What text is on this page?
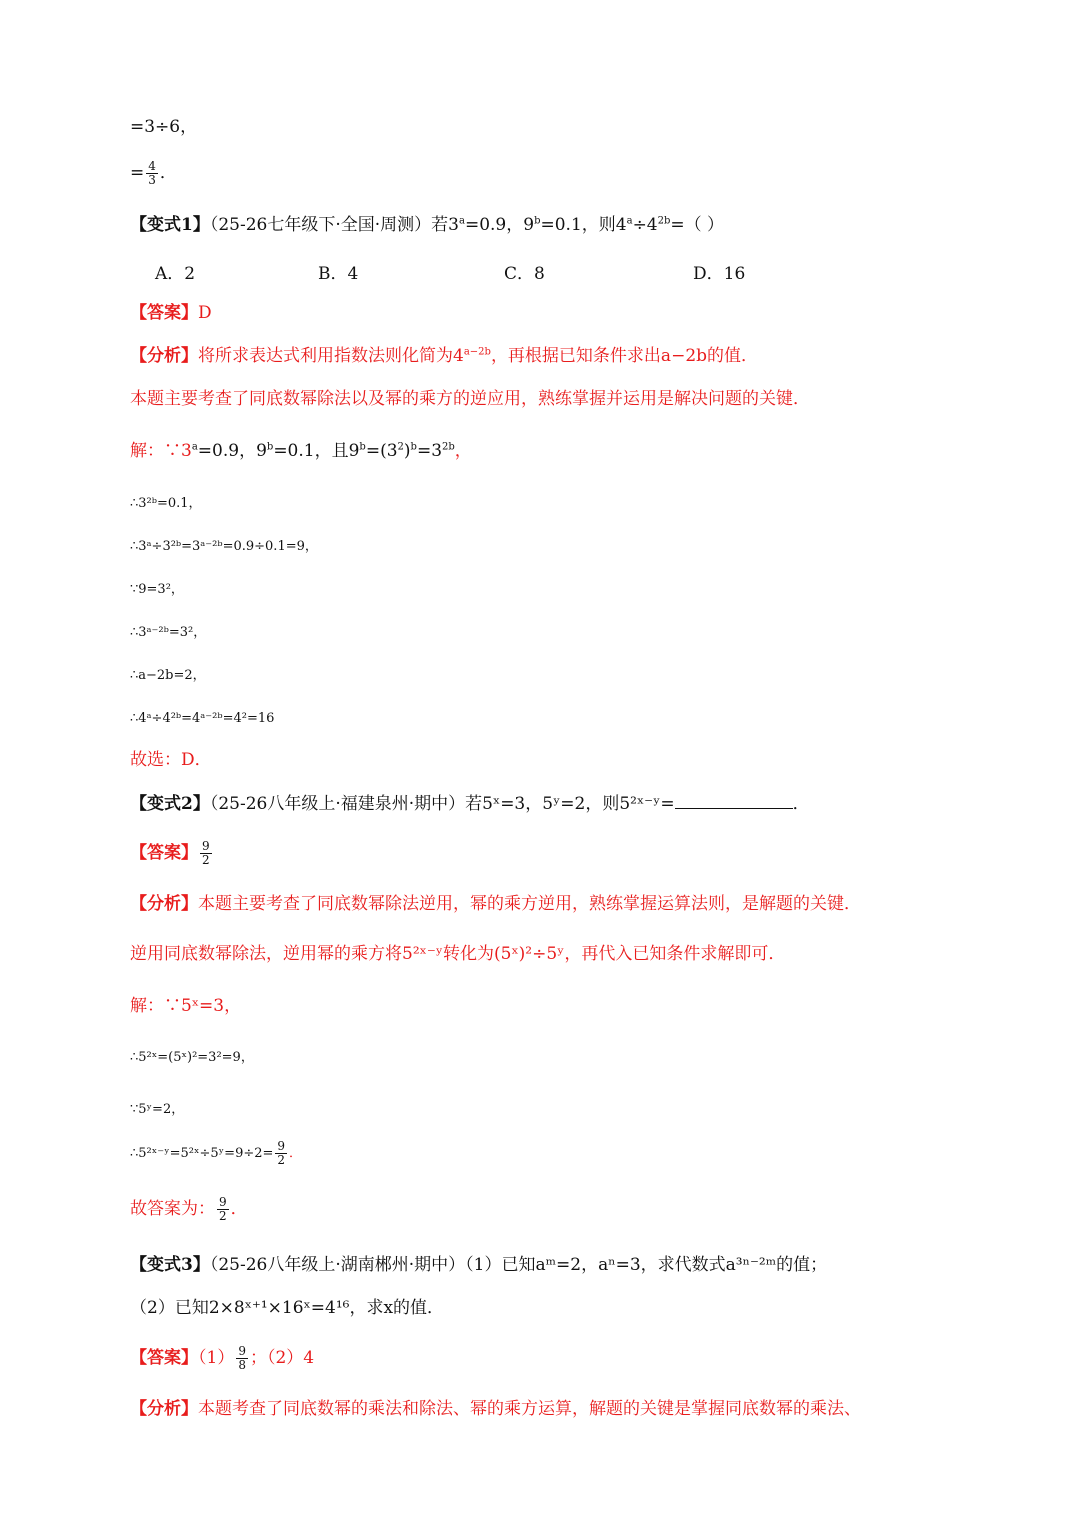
=3÷6，
= $\frac{4}{3}$ ．
【变式1】（25-26七年级下·全国·周测）若$3^a=0.9$，$9^b=0.1$，则$4^a\div 4^{2b}=$（ ）
A．2	B．4	C．8	D．16
【答案】D
【分析】将所求表达式利用指数法则化简为$4^{a-2b}$，再根据已知条件求出a−2b的值．
本题主要考查了同底数幂除法以及幂的乘方的逆应用，熟练掌握并运用是解决问题的关键．
解：$\because 3^a=0.9$，$9^b=0.1$，且$9^b=(3^2)^b=3^{2b}$，
∴3²ᵇ=0.1，
∴3ᵃ÷3²ᵇ=3ᵃ⁻²ᵇ=0.9÷0.1=9，
∵9=3²，
∴3ᵃ⁻²ᵇ=3²，
∴a−2b=2，
∴4ᵃ÷4²ᵇ=4ᵃ⁻²ᵇ=4²=16
故选：D．
【变式2】（25-26八年级上·福建泉州·期中）若5ˣ=3，5ʸ=2，则5²ˣ⁻ʸ=	．
【答案】 $\frac{9}{2}$
【分析】本题主要考查了同底数幂除法逆用，幂的乘方逆用，熟练掌握运算法则，是解题的关键．
逆用同底数幂除法，逆用幂的乘方将5²ˣ⁻ʸ转化为(5ˣ)²÷5ʸ，再代入已知条件求解即可．
解：∵5ˣ=3，
∴5²ˣ=(5ˣ)²=3²=9，
∵5ʸ=2，
∴5²ˣ⁻ʸ=5²ˣ÷5ʸ=9÷2= $\frac{9}{2}$ ．
故答案为： $\frac{9}{2}$ ．
【变式3】（25-26八年级上·湖南郴州·期中）（1）已知aᵐ=2，aⁿ=3，求代数式a³ⁿ⁻²ᵐ的值；
（2）已知2×8ˣ⁺¹×16ˣ=4¹⁶，求x的值．
【答案】$(1) \frac{9}{8}$ ；（2）4
【分析】本题考查了同底数幂的乘法和除法、幂的乘方运算，解题的关键是掌握同底数幂的乘法、
